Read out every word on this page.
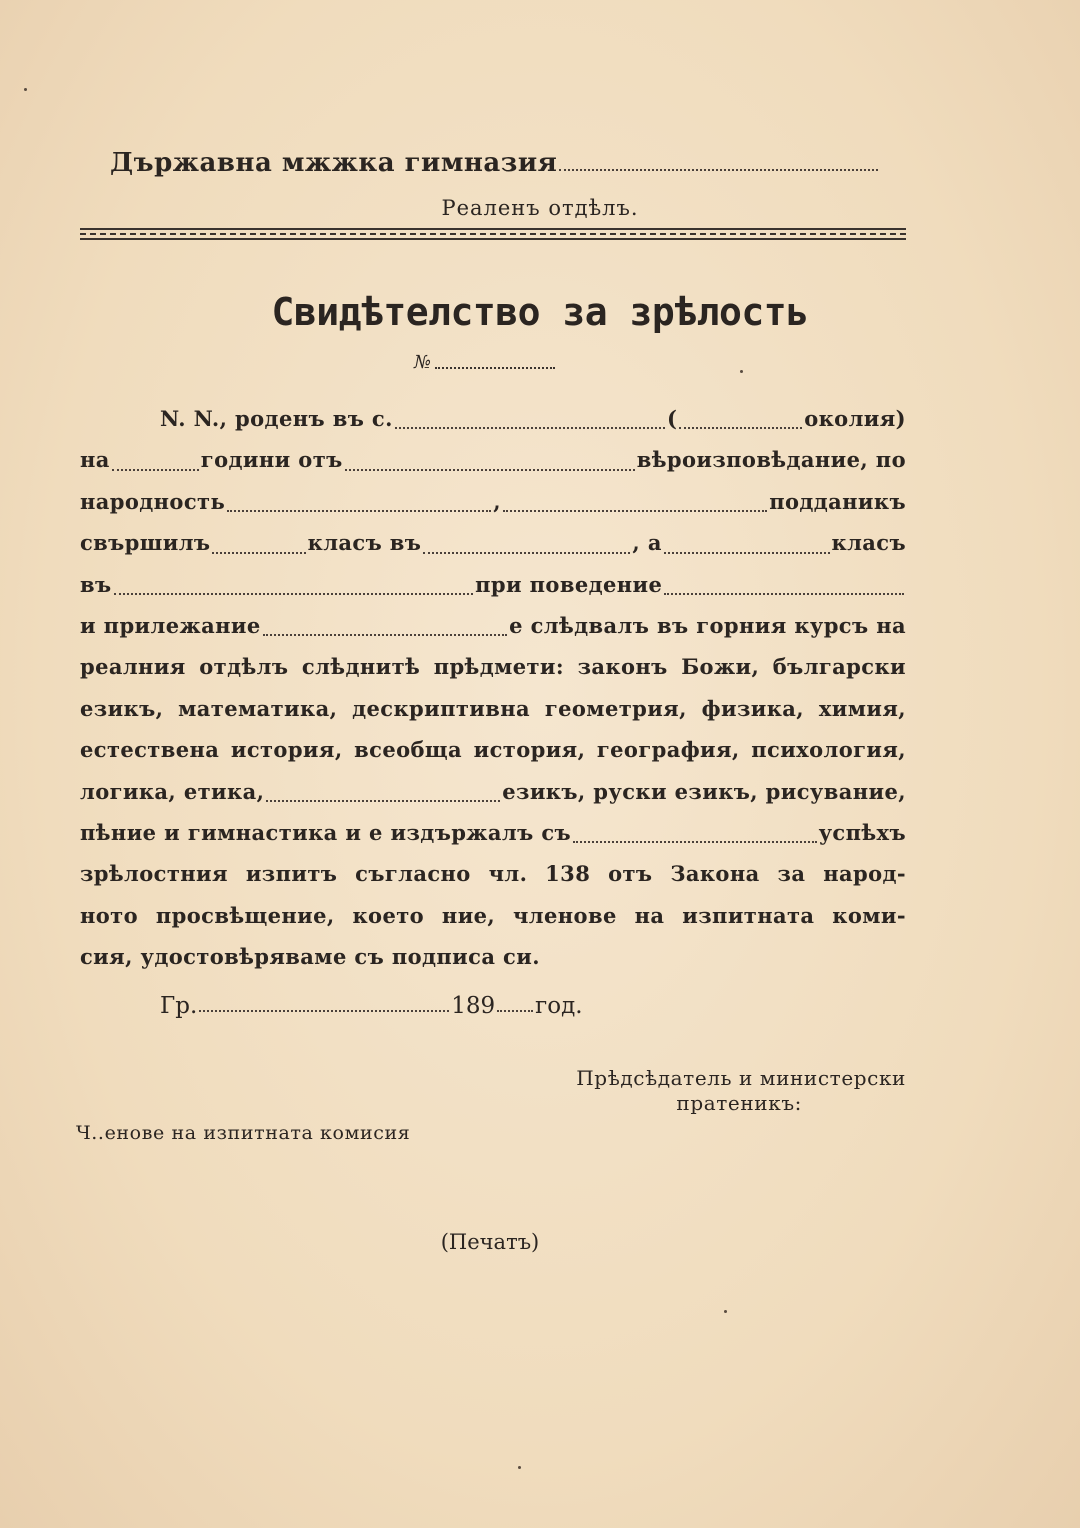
Държавна мжжка гимназия
Реаленъ отдѣлъ.
Свидѣтелство за зрѣлость
№
N. N., роденъ въ с.	(	околия)
на	години отъ	вѣроизповѣдание, по
народность	,	подданикъ
свършилъ	класъ въ	, а	класъ
въ	при поведение
и прилежание	е слѣдвалъ въ горния курсъ на
реалния отдѣлъ слѣднитѣ прѣдмети: законъ Божи, български
езикъ, математика, дескриптивна геометрия, физика, химия,
естествена история, всеобща история, география, психология,
логика, етика,	езикъ, руски езикъ, рисувание,
пѣние и гимнастика и е издържалъ съ	успѣхъ
зрѣлостния изпитъ съгласно чл. 138 отъ Закона за народ-
ното просвѣщение, което ние, членове на изпитната коми-
сия, удостовѣряваме съ подписа си.
Гр.	189 год.
Прѣдсѣдатель и министерски
пратеникъ:
Ч..енове на изпитната комисия
(Печатъ)
